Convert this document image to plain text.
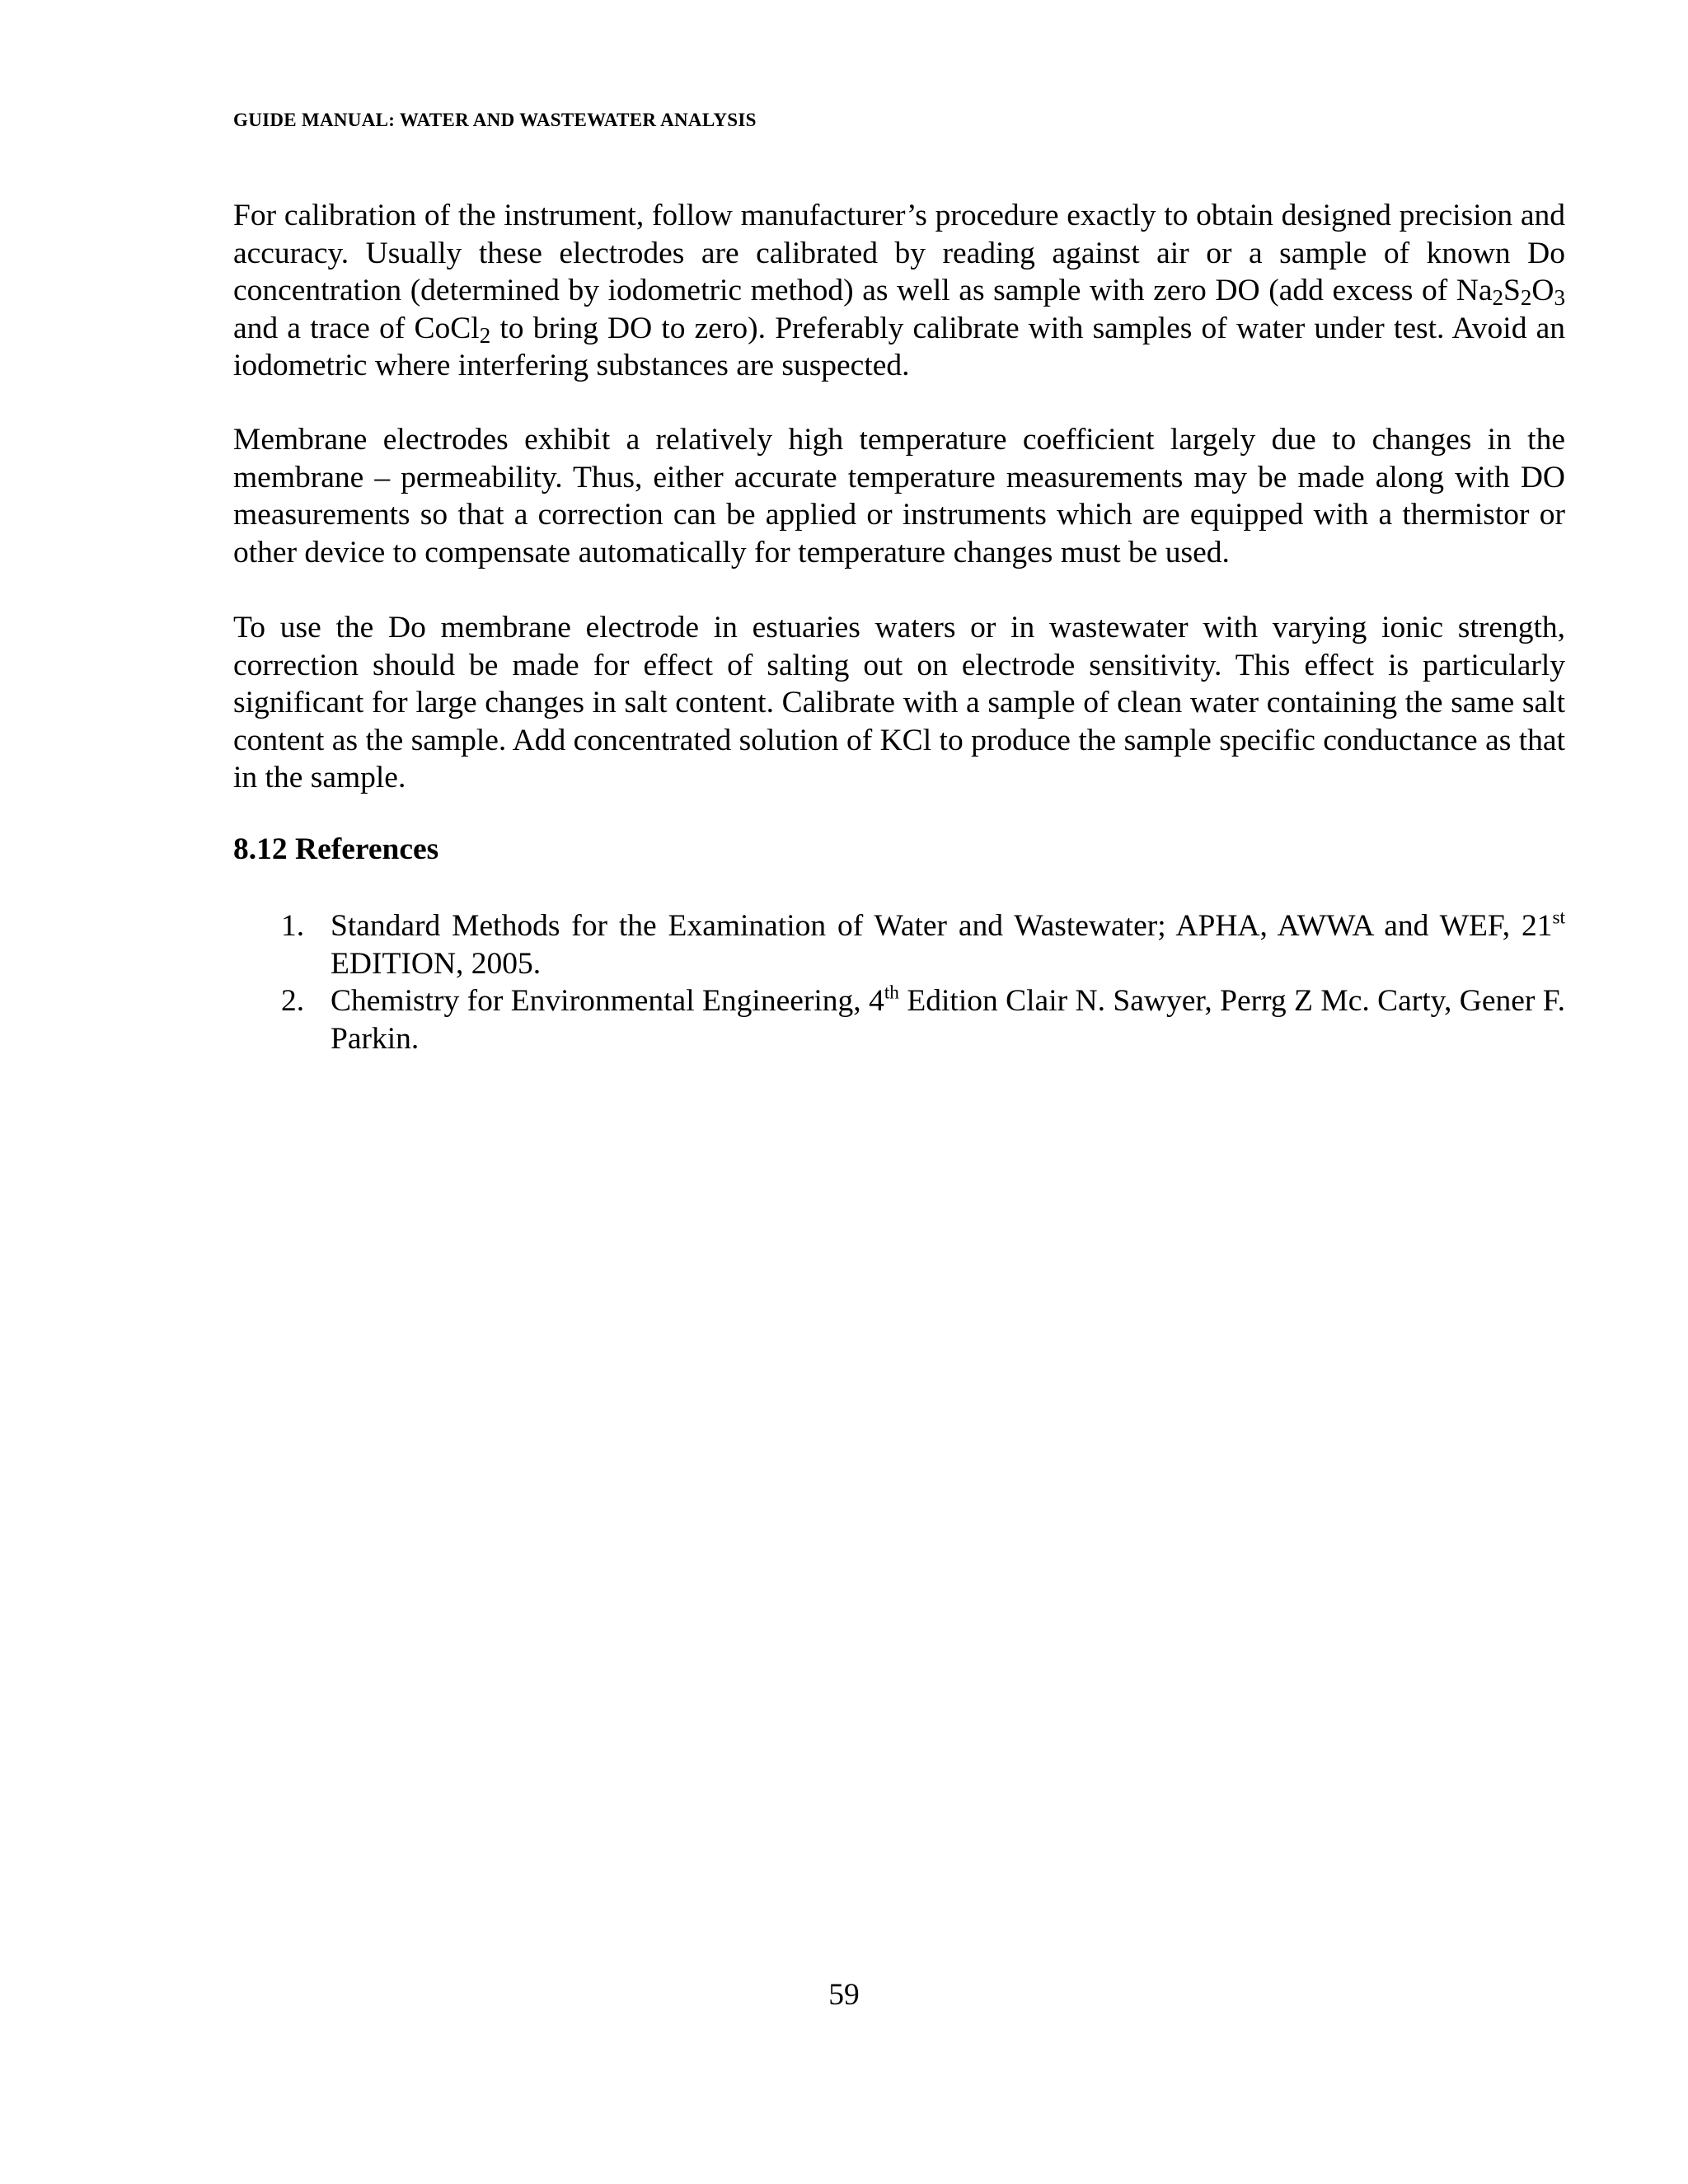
GUIDE MANUAL: WATER AND WASTEWATER ANALYSIS

For calibration of the instrument, follow manufacturer’s procedure exactly to obtain designed precision and accuracy. Usually these electrodes are calibrated by reading against air or a sample of known Do concentration (determined by iodometric method) as well as sample with zero DO (add excess of $Na_2S_2O_3$ and a trace of CoCl$_2$ to bring DO to zero). Preferably calibrate with samples of water under test. Avoid an iodometric where interfering substances are suspected.

Membrane electrodes exhibit a relatively high temperature coefficient largely due to changes in the membrane – permeability. Thus, either accurate temperature measurements may be made along with DO measurements so that a correction can be applied or instruments which are equipped with a thermistor or other device to compensate automatically for temperature changes must be used.

To use the Do membrane electrode in estuaries waters or in wastewater with varying ionic strength, correction should be made for effect of salting out on electrode sensitivity. This effect is particularly significant for large changes in salt content. Calibrate with a sample of clean water containing the same salt content as the sample. Add concentrated solution of KCl to produce the sample specific conductance as that in the sample.

8.12 References
1. Standard Methods for the Examination of Water and Wastewater; APHA, AWWA and WEF, 21st EDITION, 2005.
2. Chemistry for Environmental Engineering, 4th Edition Clair N. Sawyer, Perrg Z Mc. Carty, Gener F. Parkin.
59
